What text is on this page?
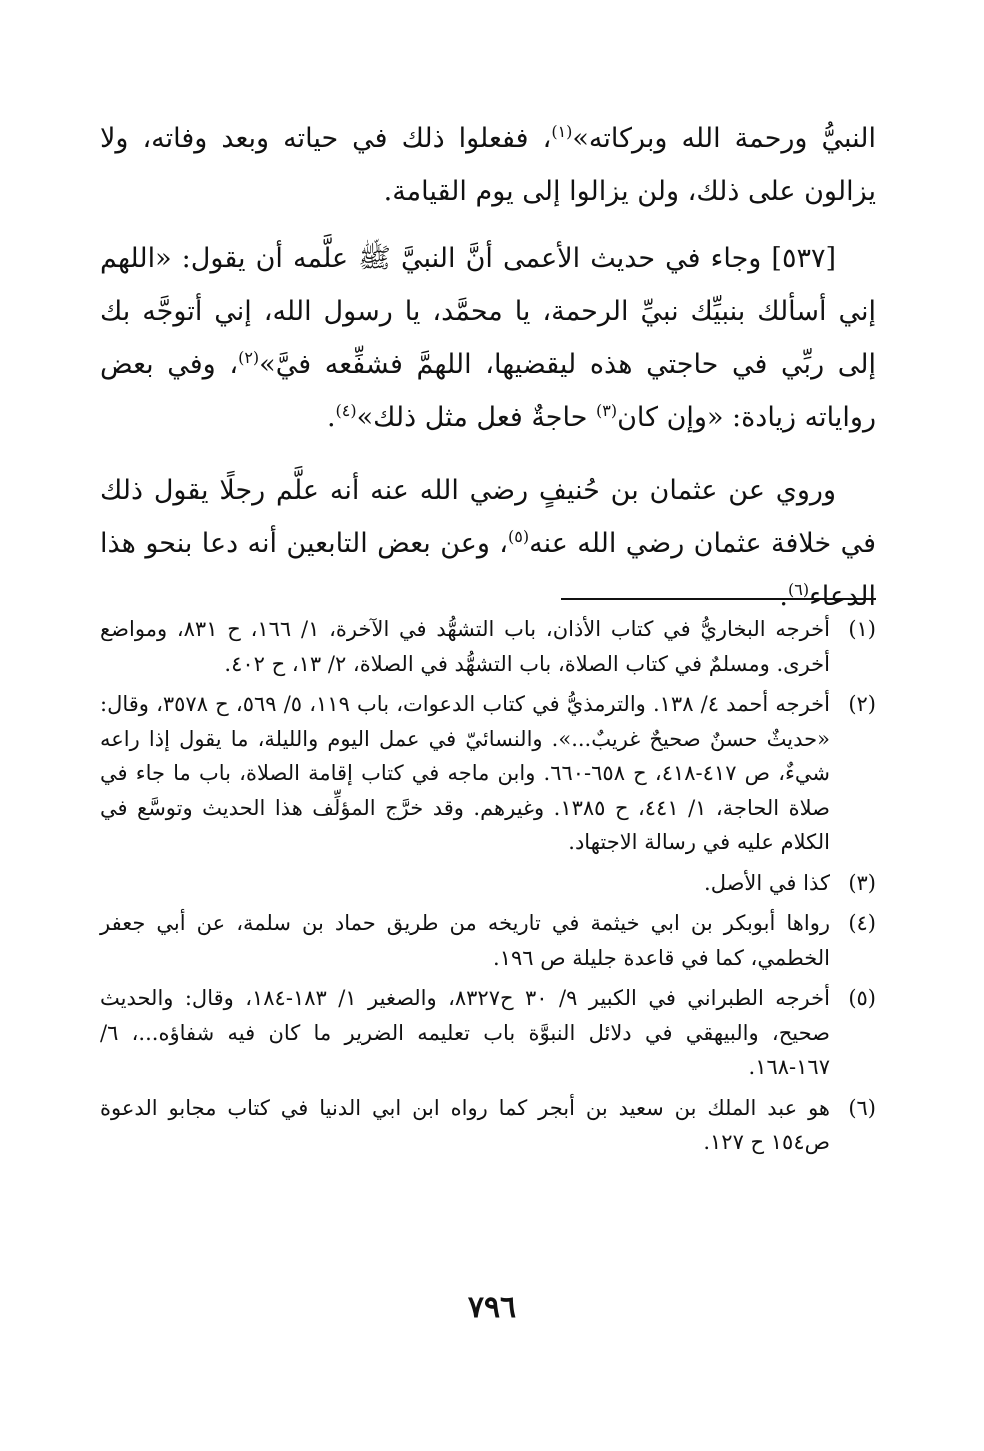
النبيُّ ورحمة الله وبركاته»$^{(١)}$، ففعلوا ذلك في حياته وبعد وفاته، ولا يزالون على ذلك، ولن يزالوا إلى يوم القيامة.

[٥٣٧] وجاء في حديث الأعمى أنَّ النبيَّ ﷺ علَّمه أن يقول: «اللهم إني أسألك بنبيِّك نبيِّ الرحمة، يا محمَّد، يا رسول الله، إني أتوجَّه بك إلى ربِّي في حاجتي هذه ليقضيها، اللهمَّ فشفِّعه فيَّ»$^{(٢)}$، وفي بعض رواياته زيادة: «وإن كان$^{(٣)}$ حاجةٌ فعل مثل ذلك»$^{(٤)}$.

وروي عن عثمان بن حُنيفٍ رضي الله عنه أنه علَّم رجلًا يقول ذلك في خلافة عثمان رضي الله عنه$^{(٥)}$، وعن بعض التابعين أنه دعا بنحو هذا الدعاء$^{(٦)}$.

(١)
أخرجه البخاريُّ في كتاب الأذان، باب التشهُّد في الآخرة، ١/ ١٦٦، ح ٨٣١، ومواضع أخرى. ومسلمٌ في كتاب الصلاة، باب التشهُّد في الصلاة، ٢/ ١٣، ح ٤٠٢.
(٢)
أخرجه أحمد ٤/ ١٣٨. والترمذيُّ في كتاب الدعوات، باب ١١٩، ٥/ ٥٦٩، ح ٣٥٧٨، وقال: «حديثٌ حسنٌ صحيحٌ غريبٌ...». والنسائيّ في عمل اليوم والليلة، ما يقول إذا راعه شيءٌ، ص ٤١٧-٤١٨، ح ٦٥٨-٦٦٠. وابن ماجه في كتاب إقامة الصلاة، باب ما جاء في صلاة الحاجة، ١/ ٤٤١، ح ١٣٨٥. وغيرهم. وقد خرَّج المؤلِّف هذا الحديث وتوسَّع في الكلام عليه في رسالة الاجتهاد.
(٣)
كذا في الأصل.
(٤)
رواها أبوبكر بن ابي خيثمة في تاريخه من طريق حماد بن سلمة، عن أبي جعفر الخطمي، كما في قاعدة جليلة ص ١٩٦.
(٥)
أخرجه الطبراني في الكبير ٩/ ٣٠ ح٨٣٢٧، والصغير ١/ ١٨٣-١٨٤، وقال: والحديث صحيح، والبيهقي في دلائل النبوَّة باب تعليمه الضرير ما كان فيه شفاؤه...، ٦/ ١٦٧-١٦٨.
(٦)
هو عبد الملك بن سعيد بن أبجر كما رواه ابن ابي الدنيا في كتاب مجابو الدعوة ص١٥٤ ح ١٢٧.
٧٩٦
